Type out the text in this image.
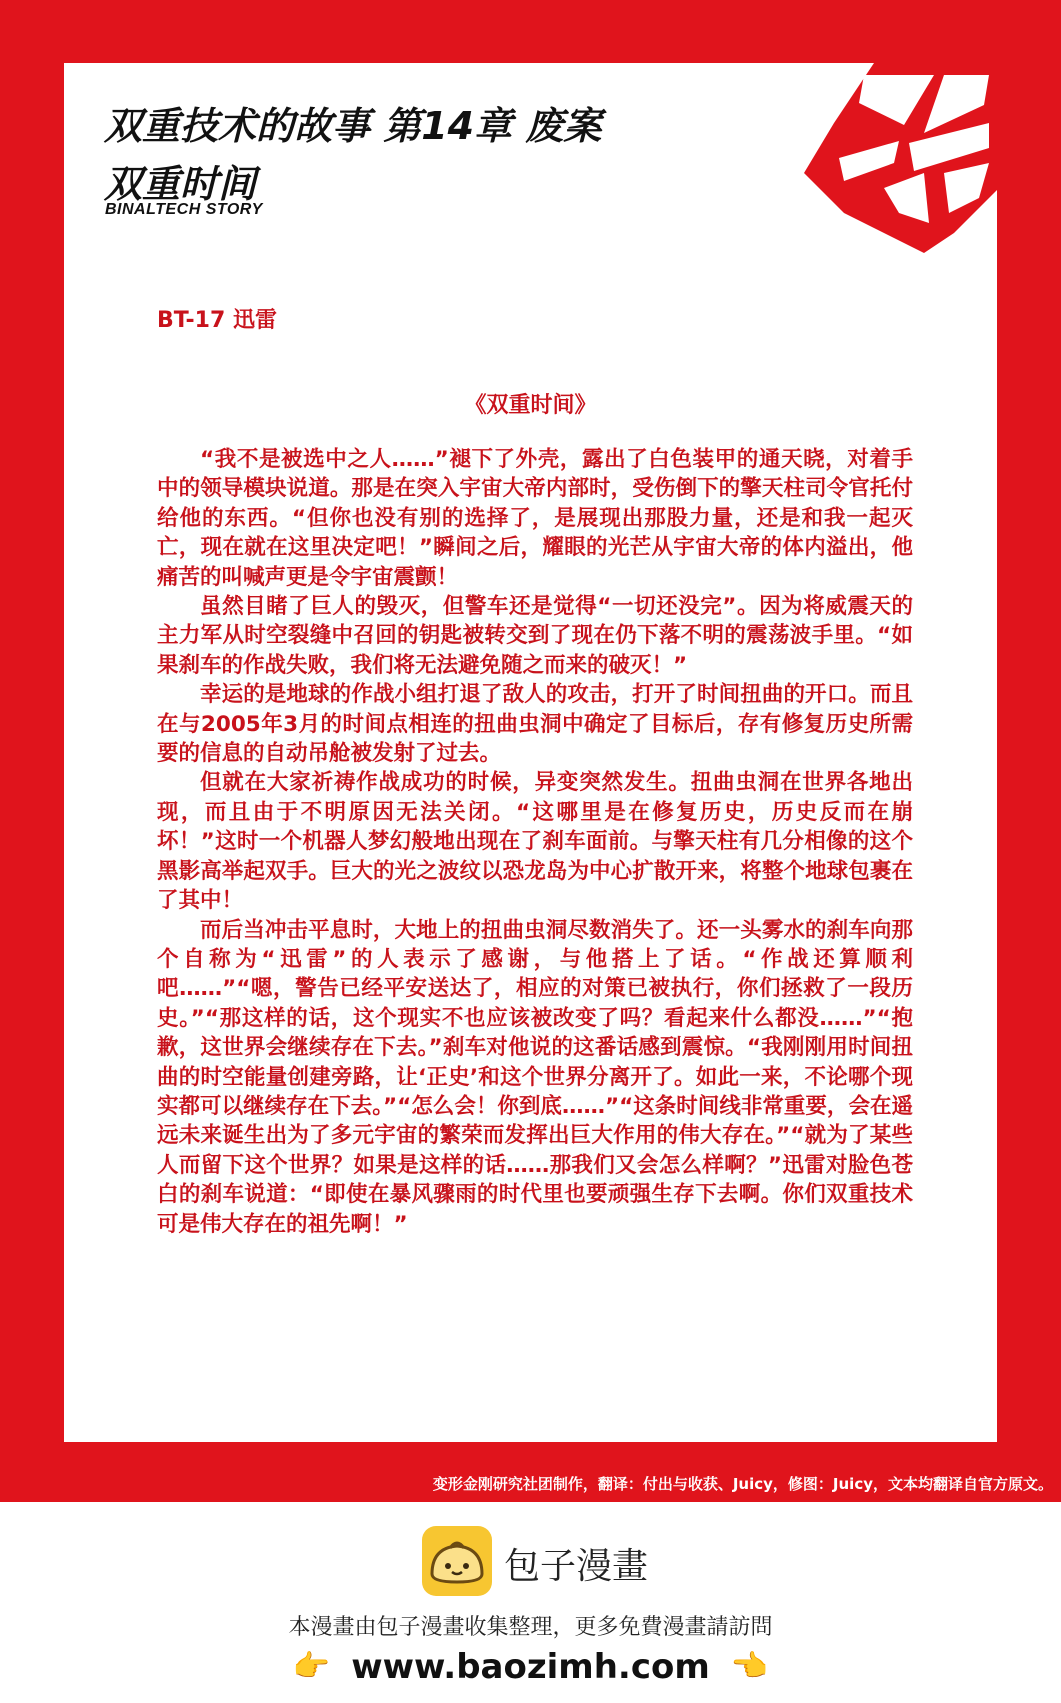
双重技术的故事 第14章 废案
双重时间
BINALTECH STORY
BT-17 迅雷
《双重时间》

“我不是被选中之人……”褪下了外壳，露出了白色装甲的通天晓，对着手中的领导模块说道。那是在突入宇宙大帝内部时，受伤倒下的擎天柱司令官托付给他的东西。“但你也没有别的选择了，是展现出那股力量，还是和我一起灭亡，现在就在这里决定吧！”瞬间之后，耀眼的光芒从宇宙大帝的体内溢出，他痛苦的叫喊声更是令宇宙震颤！

虽然目睹了巨人的毁灭，但警车还是觉得“一切还没完”。因为将威震天的主力军从时空裂缝中召回的钥匙被转交到了现在仍下落不明的震荡波手里。“如果刹车的作战失败，我们将无法避免随之而来的破灭！”

幸运的是地球的作战小组打退了敌人的攻击，打开了时间扭曲的开口。而且在与2005年3月的时间点相连的扭曲虫洞中确定了目标后，存有修复历史所需要的信息的自动吊舱被发射了过去。

但就在大家祈祷作战成功的时候，异变突然发生。扭曲虫洞在世界各地出现，而且由于不明原因无法关闭。“这哪里是在修复历史，历史反而在崩坏！”这时一个机器人梦幻般地出现在了刹车面前。与擎天柱有几分相像的这个黑影高举起双手。巨大的光之波纹以恐龙岛为中心扩散开来，将整个地球包裹在了其中！

而后当冲击平息时，大地上的扭曲虫洞尽数消失了。还一头雾水的刹车向那个自称为“迅雷”的人表示了感谢，与他搭上了话。“作战还算顺利吧……”“嗯，警告已经平安送达了，相应的对策已被执行，你们拯救了一段历史。”“那这样的话，这个现实不也应该被改变了吗？看起来什么都没……”“抱歉，这世界会继续存在下去。”刹车对他说的这番话感到震惊。“我刚刚用时间扭曲的时空能量创建旁路，让‘正史’和这个世界分离开了。如此一来，不论哪个现实都可以继续存在下去。”“怎么会！你到底……”“这条时间线非常重要，会在遥远未来诞生出为了多元宇宙的繁荣而发挥出巨大作用的伟大存在。”“就为了某些人而留下这个世界？如果是这样的话……那我们又会怎么样啊？”迅雷对脸色苍白的刹车说道：“即使在暴风骤雨的时代里也要顽强生存下去啊。你们双重技术可是伟大存在的祖先啊！”

变形金刚研究社团制作，翻译：付出与收获、Juicy，修图：Juicy，文本均翻译自官方原文。
包子漫畫
本漫畫由包子漫畫收集整理，更多免費漫畫請訪問
👉 www.baozimh.com 👈
